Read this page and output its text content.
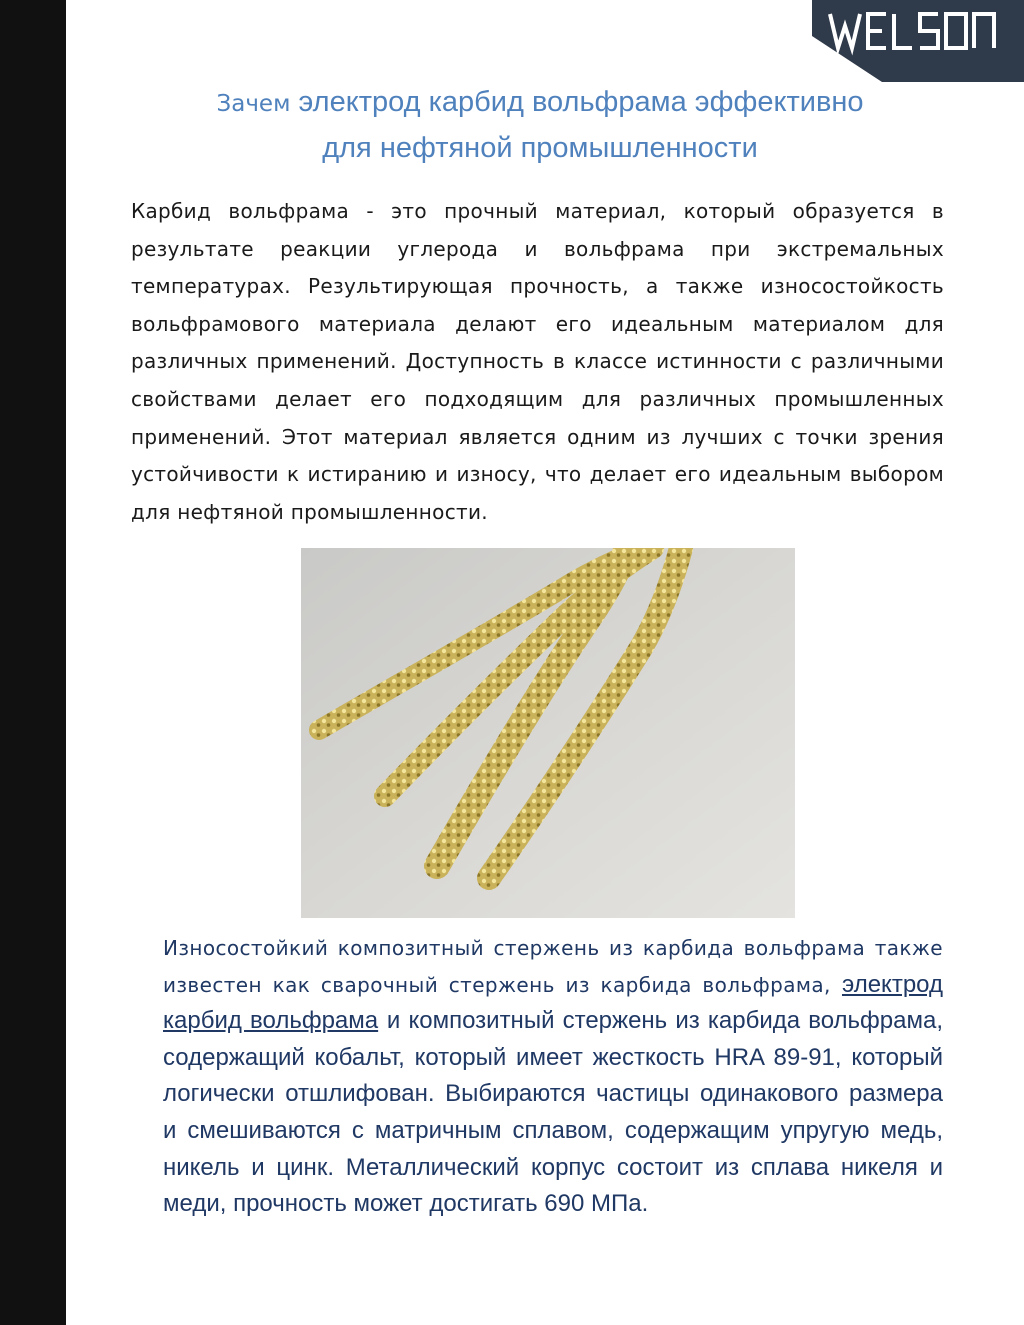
Зачем электрод карбид вольфрама эффективно
для нефтяной промышленности

Карбид вольфрама - это прочный материал, который образуется в результате реакции углерода и вольфрама при экстремальных температурах. Результирующая прочность, а также износостойкость вольфрамового материала делают его идеальным материалом для различных применений. Доступность в классе истинности с различными свойствами делает его подходящим для различных промышленных применений. Этот материал является одним из лучших с точки зрения устойчивости к истиранию и износу, что делает его идеальным выбором для нефтяной промышленности.

Износостойкий композитный стержень из карбида вольфрама также известен как сварочный стержень из карбида вольфрама, электрод карбид вольфрама и композитный стержень из карбида вольфрама, содержащий кобальт, который имеет жесткость HRA 89-91, который логически отшлифован. Выбираются частицы одинакового размера и смешиваются с матричным сплавом, содержащим упругую медь, никель и цинк. Металлический корпус состоит из сплава никеля и меди, прочность может достигать 690 МПа.
